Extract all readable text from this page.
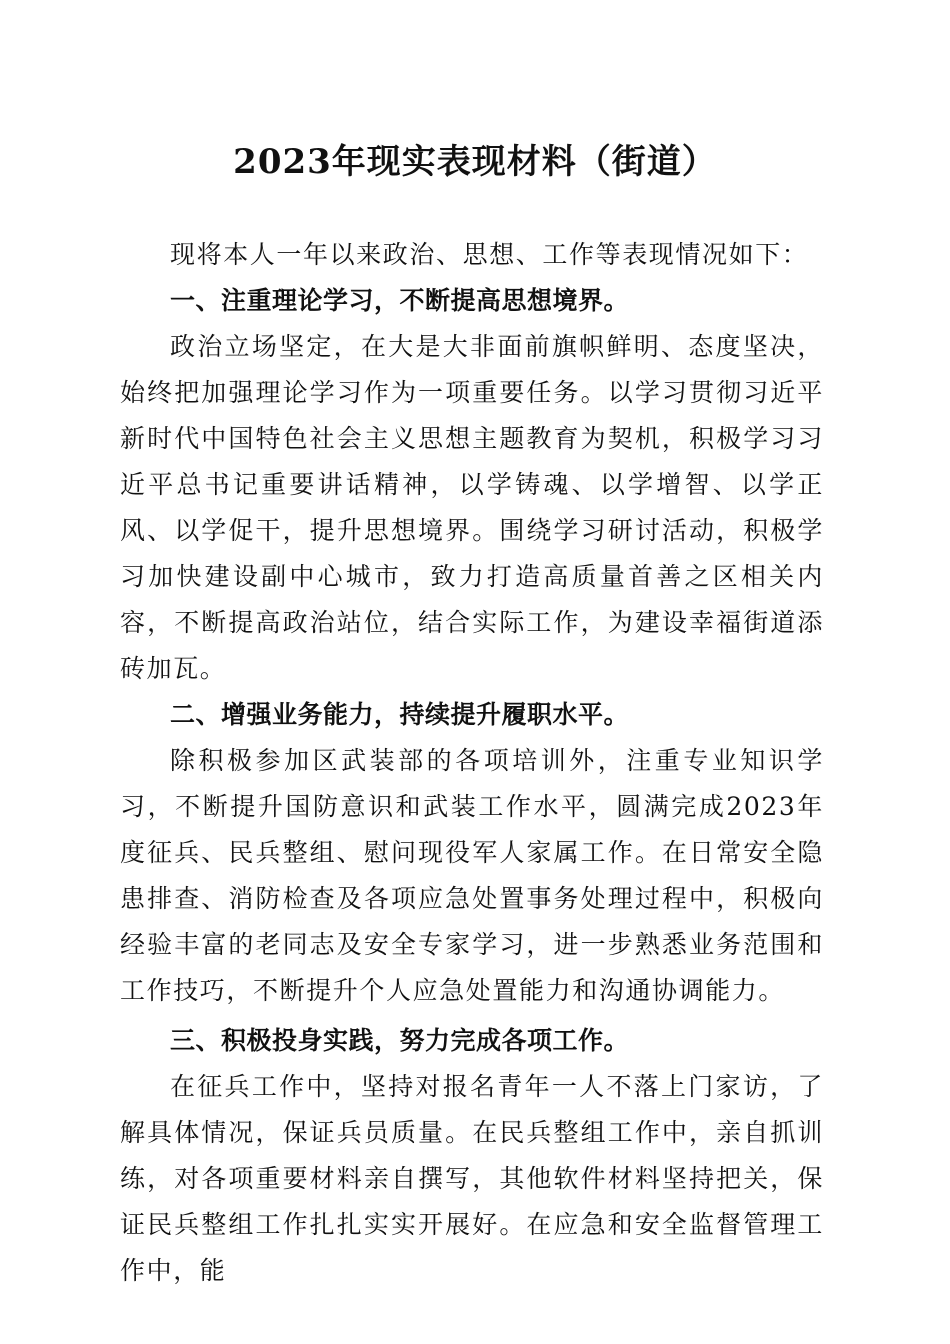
2023年现实表现材料（街道）

现将本人一年以来政治、思想、工作等表现情况如下：

一、注重理论学习，不断提高思想境界。

政治立场坚定，在大是大非面前旗帜鲜明、态度坚决，始终把加强理论学习作为一项重要任务。以学习贯彻习近平新时代中国特色社会主义思想主题教育为契机，积极学习习近平总书记重要讲话精神，以学铸魂、以学增智、以学正风、以学促干，提升思想境界。围绕学习研讨活动，积极学习加快建设副中心城市，致力打造高质量首善之区相关内容，不断提高政治站位，结合实际工作，为建设幸福街道添砖加瓦。

二、增强业务能力，持续提升履职水平。

除积极参加区武装部的各项培训外，注重专业知识学习，不断提升国防意识和武装工作水平，圆满完成2023年度征兵、民兵整组、慰问现役军人家属工作。在日常安全隐患排查、消防检查及各项应急处置事务处理过程中，积极向经验丰富的老同志及安全专家学习，进一步熟悉业务范围和工作技巧，不断提升个人应急处置能力和沟通协调能力。

三、积极投身实践，努力完成各项工作。

在征兵工作中，坚持对报名青年一人不落上门家访，了解具体情况，保证兵员质量。在民兵整组工作中，亲自抓训练，对各项重要材料亲自撰写，其他软件材料坚持把关，保证民兵整组工作扎扎实实开展好。在应急和安全监督管理工作中，能
